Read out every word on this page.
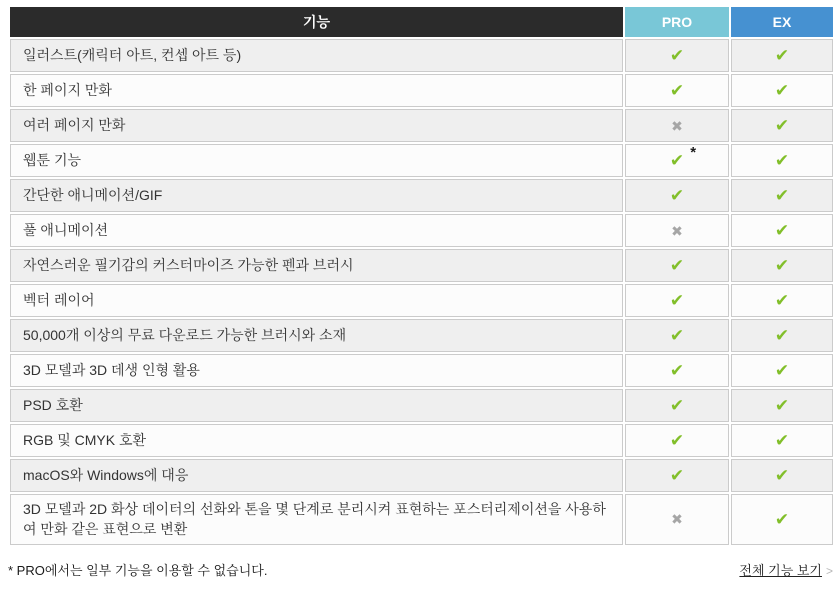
기능	PRO	EX
일러스트(캐릭터 아트, 컨셉 아트 등)	✔	✔
한 페이지 만화	✔	✔
여러 페이지 만화	✖	✔
웹툰 기능	✔ *	✔
간단한 애니메이션/GIF	✔	✔
풀 애니메이션	✖	✔
자연스러운 필기감의 커스터마이즈 가능한 펜과 브러시	✔	✔
벡터 레이어	✔	✔
50,000개 이상의 무료 다운로드 가능한 브러시와 소재	✔	✔
3D 모델과 3D 데생 인형 활용	✔	✔
PSD 호환	✔	✔
RGB 및 CMYK 호환	✔	✔
macOS와 Windows에 대응	✔	✔
3D 모델과 2D 화상 데이터의 선화와 톤을 몇 단계로 분리시켜 표현하는 포스터리제이션을 사용하여 만화 같은 표현으로 변환	✖	✔
* PRO에서는 일부 기능을 이용할 수 없습니다.	전체 기능 보기 >
